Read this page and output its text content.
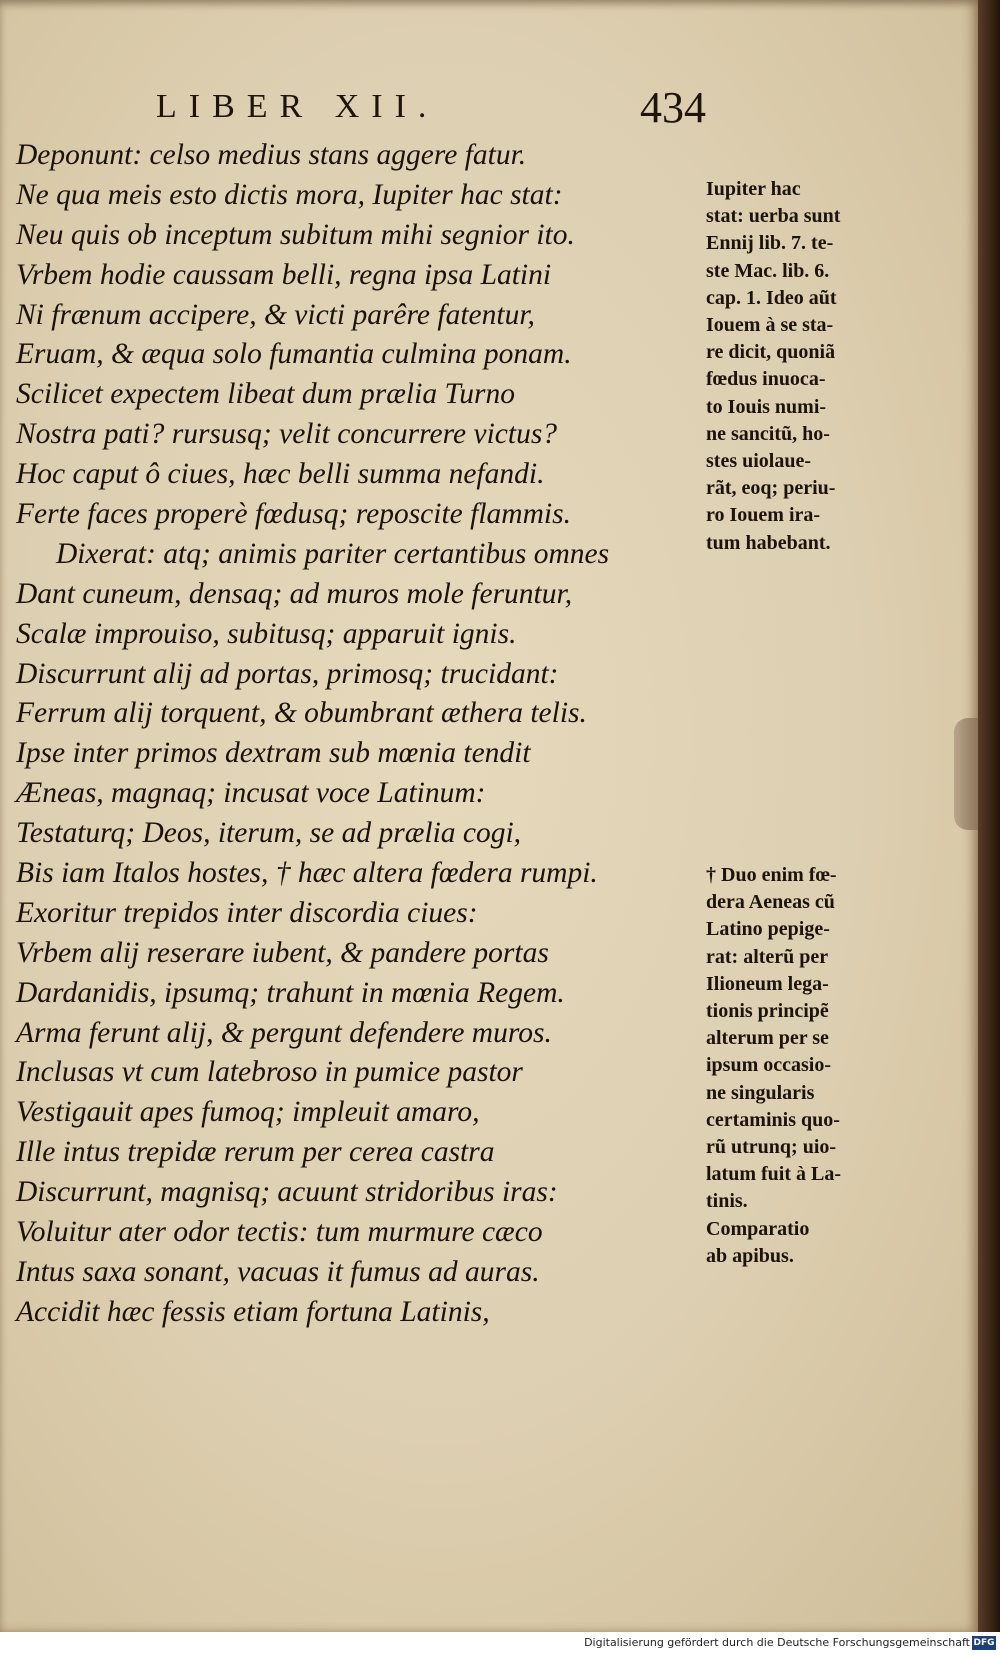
LIBER XII.	434
Deponunt: celso medius stans aggere fatur.
Ne qua meis esto dictis mora, Iupiter hac stat:
Neu quis ob inceptum subitum mihi segnior ito.
Vrbem hodie caussam belli, regna ipsa Latini
Ni frænum accipere, & victi parêre fatentur,
Eruam, & æqua solo fumantia culmina ponam.
Scilicet expectem libeat dum prælia Turno
Nostra pati? rursusq; velit concurrere victus?
Hoc caput ô ciues, hæc belli summa nefandi.
Ferte faces properè fœdusq; reposcite flammis.
Dixerat: atq; animis pariter certantibus omnes
Dant cuneum, densaq; ad muros mole feruntur,
Scalæ improuiso, subitusq; apparuit ignis.
Discurrunt alij ad portas, primosq; trucidant:
Ferrum alij torquent, & obumbrant æthera telis.
Ipse inter primos dextram sub mœnia tendit
Æneas, magnaq; incusat voce Latinum:
Testaturq; Deos, iterum, se ad prælia cogi,
Bis iam Italos hostes, † hæc altera fœdera rumpi.
Exoritur trepidos inter discordia ciues:
Vrbem alij reserare iubent, & pandere portas
Dardanidis, ipsumq; trahunt in mœnia Regem.
Arma ferunt alij, & pergunt defendere muros.
Inclusas vt cum latebroso in pumice pastor
Vestigauit apes fumoq; impleuit amaro,
Ille intus trepidæ rerum per cerea castra
Discurrunt, magnisq; acuunt stridoribus iras:
Voluitur ater odor tectis: tum murmure cæco
Intus saxa sonant, vacuas it fumus ad auras.
Accidit hæc fessis etiam fortuna Latinis,
Iupiter hac
stat: uerba sunt
Ennij lib. 7. te-
ste Mac. lib. 6.
cap. 1. Ideo aũt
Iouem à se sta-
re dicit, quoniã
fœdus inuoca-
to Iouis numi-
ne sancitũ, ho-
stes uiolaue-
rãt, eoq; periu-
ro Iouem ira-
tum habebant.
† Duo enim fœ-
dera Aeneas cũ
Latino pepige-
rat: alterũ per
Ilioneum lega-
tionis principẽ
alterum per se
ipsum occasio-
ne singularis
certaminis quo-
rũ utrunq; uio-
latum fuit à La-
tinis.
Comparatio
ab apibus.
Digitalisierung gefördert durch die Deutsche Forschungsgemeinschaft DFG
